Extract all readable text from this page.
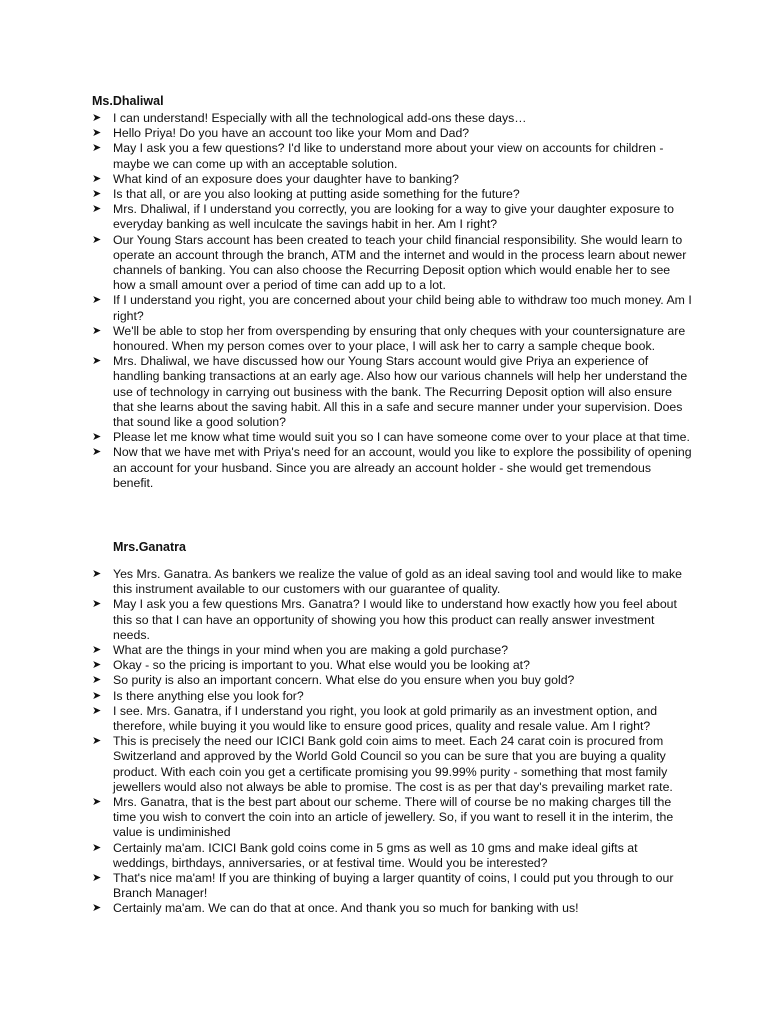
Ms.Dhaliwal
➤ I can understand! Especially with all the technological add-ons these days…
➤ Hello Priya! Do you have an account too like your Mom and Dad?
➤ May I ask you a few questions? I'd like to understand more about your view on accounts for children - maybe we can come up with an acceptable solution.
➤ What kind of an exposure does your daughter have to banking?
➤ Is that all, or are you also looking at putting aside something for the future?
➤ Mrs. Dhaliwal, if I understand you correctly, you are looking for a way to give your daughter exposure to everyday banking as well inculcate the savings habit in her. Am I right?
➤ Our Young Stars account has been created to teach your child financial responsibility. She would learn to operate an account through the branch, ATM and the internet and would in the process learn about newer channels of banking. You can also choose the Recurring Deposit option which would enable her to see how a small amount over a period of time can add up to a lot.
➤ If I understand you right, you are concerned about your child being able to withdraw too much money. Am I right?
➤ We'll be able to stop her from overspending by ensuring that only cheques with your countersignature are honoured. When my person comes over to your place, I will ask her to carry a sample cheque book.
➤ Mrs. Dhaliwal, we have discussed how our Young Stars account would give Priya an experience of handling banking transactions at an early age. Also how our various channels will help her understand the use of technology in carrying out business with the bank. The Recurring Deposit option will also ensure that she learns about the saving habit. All this in a safe and secure manner under your supervision. Does that sound like a good solution?
➤ Please let me know what time would suit you so I can have someone come over to your place at that time.
➤ Now that we have met with Priya's need for an account, would you like to explore the possibility of opening an account for your husband. Since you are already an account holder - she would get tremendous benefit.
Mrs.Ganatra
➤ Yes Mrs. Ganatra. As bankers we realize the value of gold as an ideal saving tool and would like to make this instrument available to our customers with our guarantee of quality.
➤ May I ask you a few questions Mrs. Ganatra? I would like to understand how exactly how you feel about this so that I can have an opportunity of showing you how this product can really answer investment needs.
➤ What are the things in your mind when you are making a gold purchase?
➤ Okay - so the pricing is important to you. What else would you be looking at?
➤ So purity is also an important concern. What else do you ensure when you buy gold?
➤ Is there anything else you look for?
➤ I see. Mrs. Ganatra, if I understand you right, you look at gold primarily as an investment option, and therefore, while buying it you would like to ensure good prices, quality and resale value. Am I right?
➤ This is precisely the need our ICICI Bank gold coin aims to meet. Each 24 carat coin is procured from Switzerland and approved by the World Gold Council so you can be sure that you are buying a quality product. With each coin you get a certificate promising you 99.99% purity - something that most family jewellers would also not always be able to promise. The cost is as per that day's prevailing market rate.
➤ Mrs. Ganatra, that is the best part about our scheme. There will of course be no making charges till the time you wish to convert the coin into an article of jewellery. So, if you want to resell it in the interim, the value is undiminished
➤ Certainly ma'am. ICICI Bank gold coins come in 5 gms as well as 10 gms and make ideal gifts at weddings, birthdays, anniversaries, or at festival time. Would you be interested?
➤ That's nice ma'am! If you are thinking of buying a larger quantity of coins, I could put you through to our Branch Manager!
➤ Certainly ma'am. We can do that at once. And thank you so much for banking with us!
